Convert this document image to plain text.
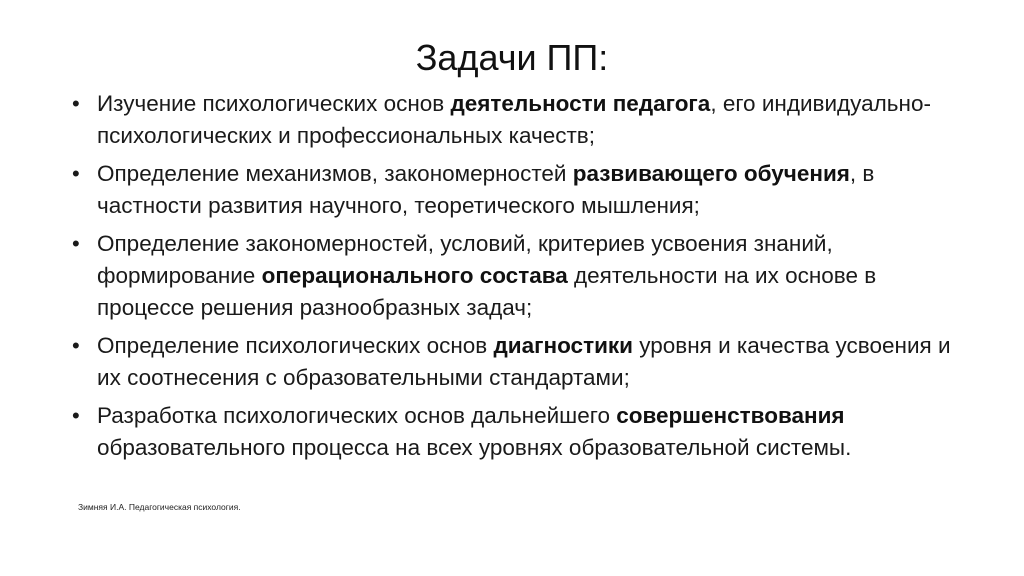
Задачи ПП:
• Изучение психологических основ деятельности педагога, его индивидуально-психологических и профессиональных качеств;
• Определение механизмов, закономерностей развивающего обучения, в частности развития научного, теоретического мышления;
• Определение закономерностей, условий, критериев усвоения знаний, формирование операционального состава деятельности на их основе в процессе решения разнообразных задач;
• Определение психологических основ диагностики уровня и качества усвоения и их соотнесения с образовательными стандартами;
• Разработка психологических основ дальнейшего совершенствования образовательного процесса на всех уровнях образовательной системы.
Зимняя И.А. Педагогическая психология.
